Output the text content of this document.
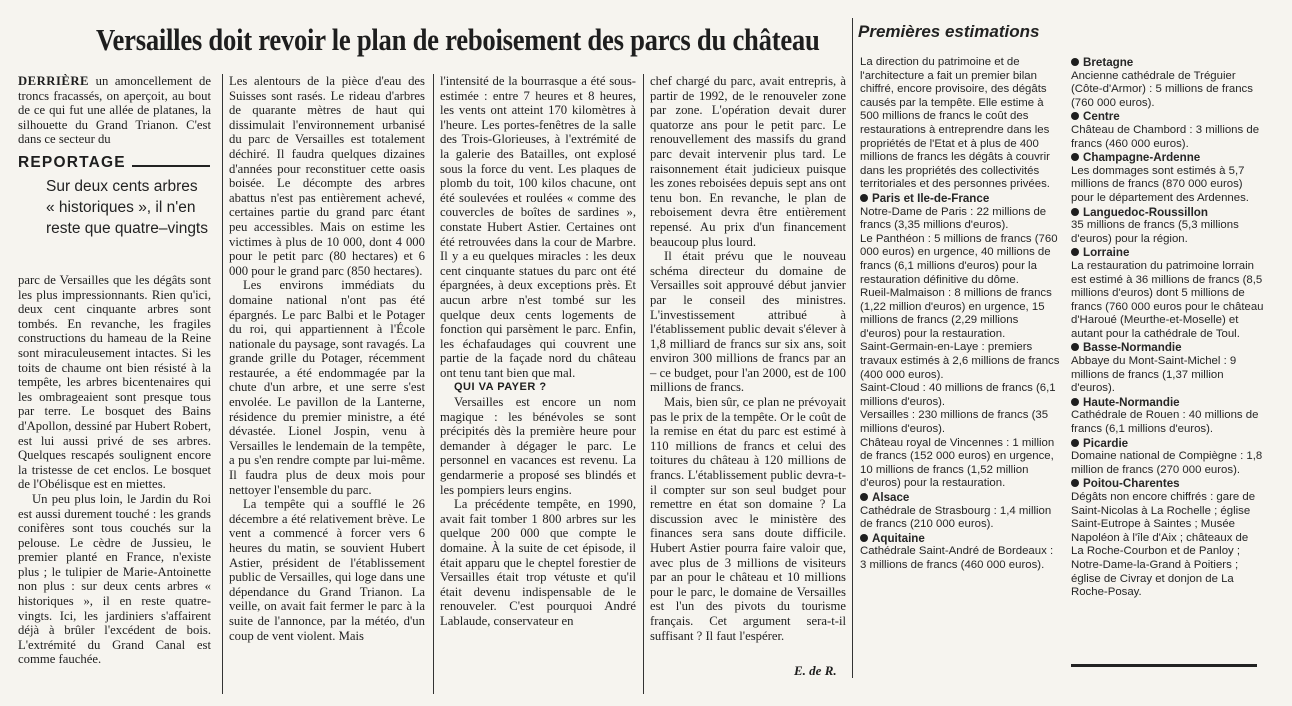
Versailles doit revoir le plan de reboisement des parcs du château

DERRIÈRE un amoncellement de troncs fracassés, on aperçoit, au bout de ce qui fut une allée de platanes, la silhouette du Grand Trianon. C'est dans ce secteur du

REPORTAGE
Sur deux cents arbres « historiques », il n'en reste que quatre–vingts

parc de Versailles que les dégâts sont les plus impressionnants. Rien qu'ici, deux cent cinquante arbres sont tombés. En revanche, les fragiles constructions du hameau de la Reine sont miraculeusement intactes. Si les toits de chaume ont bien résisté à la tempête, les arbres bicentenaires qui les ombrageaient sont presque tous par terre. Le bosquet des Bains d'Apollon, dessiné par Hubert Robert, est lui aussi privé de ses arbres. Quelques rescapés soulignent encore la tristesse de cet enclos. Le bosquet de l'Obélisque est en miettes.

Un peu plus loin, le Jardin du Roi est aussi durement touché : les grands conifères sont tous couchés sur la pelouse. Le cèdre de Jussieu, le premier planté en France, n'existe plus ; le tulipier de Marie-Antoinette non plus : sur deux cents arbres « historiques », il en reste quatre-vingts. Ici, les jardiniers s'affairent déjà à brûler l'excédent de bois. L'extrémité du Grand Canal est comme fauchée.

Les alentours de la pièce d'eau des Suisses sont rasés. Le rideau d'arbres de quarante mètres de haut qui dissimulait l'environnement urbanisé du parc de Versailles est totalement déchiré. Il faudra quelques dizaines d'années pour reconstituer cette oasis boisée. Le décompte des arbres abattus n'est pas entièrement achevé, certaines partie du grand parc étant peu accessibles. Mais on estime les victimes à plus de 10 000, dont 4 000 pour le petit parc (80 hectares) et 6 000 pour le grand parc (850 hectares).

Les environs immédiats du domaine national n'ont pas été épargnés. Le parc Balbi et le Potager du roi, qui appartiennent à l'École nationale du paysage, sont ravagés. La grande grille du Potager, récemment restaurée, a été endommagée par la chute d'un arbre, et une serre s'est envolée. Le pavillon de la Lanterne, résidence du premier ministre, a été dévastée. Lionel Jospin, venu à Versailles le lendemain de la tempête, a pu s'en rendre compte par lui-même. Il faudra plus de deux mois pour nettoyer l'ensemble du parc.

La tempête qui a soufflé le 26 décembre a été relativement brève. Le vent a commencé à forcer vers 6 heures du matin, se souvient Hubert Astier, président de l'établissement public de Versailles, qui loge dans une dépendance du Grand Trianon. La veille, on avait fait fermer le parc à la suite de l'annonce, par la météo, d'un coup de vent violent. Mais

l'intensité de la bourrasque a été sous-estimée : entre 7 heures et 8 heures, les vents ont atteint 170 kilomètres à l'heure. Les portes-fenêtres de la salle des Trois-Glorieuses, à l'extrémité de la galerie des Batailles, ont explosé sous la force du vent. Les plaques de plomb du toit, 100 kilos chacune, ont été soulevées et roulées « comme des couvercles de boîtes de sardines », constate Hubert Astier. Certaines ont été retrouvées dans la cour de Marbre. Il y a eu quelques miracles : les deux cent cinquante statues du parc ont été épargnées, à deux exceptions près. Et aucun arbre n'est tombé sur les quelque deux cents logements de fonction qui parsèment le parc. Enfin, les échafaudages qui couvrent une partie de la façade nord du château ont tenu tant bien que mal.

QUI VA PAYER ?

Versailles est encore un nom magique : les bénévoles se sont précipités dès la première heure pour demander à dégager le parc. Le personnel en vacances est revenu. La gendarmerie a proposé ses blindés et les pompiers leurs engins.

La précédente tempête, en 1990, avait fait tomber 1 800 arbres sur les quelque 200 000 que compte le domaine. À la suite de cet épisode, il était apparu que le cheptel forestier de Versailles était trop vétuste et qu'il était devenu indispensable de le renouveler. C'est pourquoi André Lablaude, conservateur en

chef chargé du parc, avait entrepris, à partir de 1992, de le renouveler zone par zone. L'opération devait durer quatorze ans pour le petit parc. Le renouvellement des massifs du grand parc devait intervenir plus tard. Le raisonnement était judicieux puisque les zones reboisées depuis sept ans ont tenu bon. En revanche, le plan de reboisement devra être entièrement repensé. Au prix d'un financement beaucoup plus lourd.

Il était prévu que le nouveau schéma directeur du domaine de Versailles soit approuvé début janvier par le conseil des ministres. L'investissement attribué à l'établissement public devait s'élever à 1,8 milliard de francs sur six ans, soit environ 300 millions de francs par an – ce budget, pour l'an 2000, est de 100 millions de francs.

Mais, bien sûr, ce plan ne prévoyait pas le prix de la tempête. Or le coût de la remise en état du parc est estimé à 110 millions de francs et celui des toitures du château à 120 millions de francs. L'établissement public devra-t-il compter sur son seul budget pour remettre en état son domaine ? La discussion avec le ministère des finances sera sans doute difficile. Hubert Astier pourra faire valoir que, avec plus de 3 millions de visiteurs par an pour le château et 10 millions pour le parc, le domaine de Versailles est l'un des pivots du tourisme français. Cet argument sera-t-il suffisant ? Il faut l'espérer.

E. de R.
Premières estimations

La direction du patrimoine et de l'architecture a fait un premier bilan chiffré, encore provisoire, des dégâts causés par la tempête. Elle estime à 500 millions de francs le coût des restaurations à entreprendre dans les propriétés de l'Etat et à plus de 400 millions de francs les dégâts à couvrir dans les propriétés des collectivités territoriales et des personnes privées.

Paris et Ile-de-France

Notre-Dame de Paris : 22 millions de francs (3,35 millions d'euros).

Le Panthéon : 5 millions de francs (760 000 euros) en urgence, 40 millions de francs (6,1 millions d'euros) pour la restauration définitive du dôme.

Rueil-Malmaison : 8 millions de francs (1,22 million d'euros) en urgence, 15 millions de francs (2,29 millions d'euros) pour la restauration.

Saint-Germain-en-Laye : premiers travaux estimés à 2,6 millions de francs (400 000 euros).

Saint-Cloud : 40 millions de francs (6,1 millions d'euros).

Versailles : 230 millions de francs (35 millions d'euros).

Château royal de Vincennes : 1 million de francs (152 000 euros) en urgence, 10 millions de francs (1,52 million d'euros) pour la restauration.

Alsace

Cathédrale de Strasbourg : 1,4 million de francs (210 000 euros).

Aquitaine

Cathédrale Saint-André de Bordeaux : 3 millions de francs (460 000 euros).

Bretagne

Ancienne cathédrale de Tréguier (Côte-d'Armor) : 5 millions de francs (760 000 euros).

Centre

Château de Chambord : 3 millions de francs (460 000 euros).

Champagne-Ardenne

Les dommages sont estimés à 5,7 millions de francs (870 000 euros) pour le département des Ardennes.

Languedoc-Roussillon

35 millions de francs (5,3 millions d'euros) pour la région.

Lorraine

La restauration du patrimoine lorrain est estimé à 36 millions de francs (8,5 millions d'euros) dont 5 millions de francs (760 000 euros pour le château d'Haroué (Meurthe-et-Moselle) et autant pour la cathédrale de Toul.

Basse-Normandie

Abbaye du Mont-Saint-Michel : 9 millions de francs (1,37 million d'euros).

Haute-Normandie

Cathédrale de Rouen : 40 millions de francs (6,1 millions d'euros).

Picardie

Domaine national de Compiègne : 1,8 million de francs (270 000 euros).

Poitou-Charentes

Dégâts non encore chiffrés : gare de Saint-Nicolas à La Rochelle ; église Saint-Eutrope à Saintes ; Musée Napoléon à l'île d'Aix ; châteaux de La Roche-Courbon et de Panloy ; Notre-Dame-la-Grand à Poitiers ; église de Civray et donjon de La Roche-Posay.
